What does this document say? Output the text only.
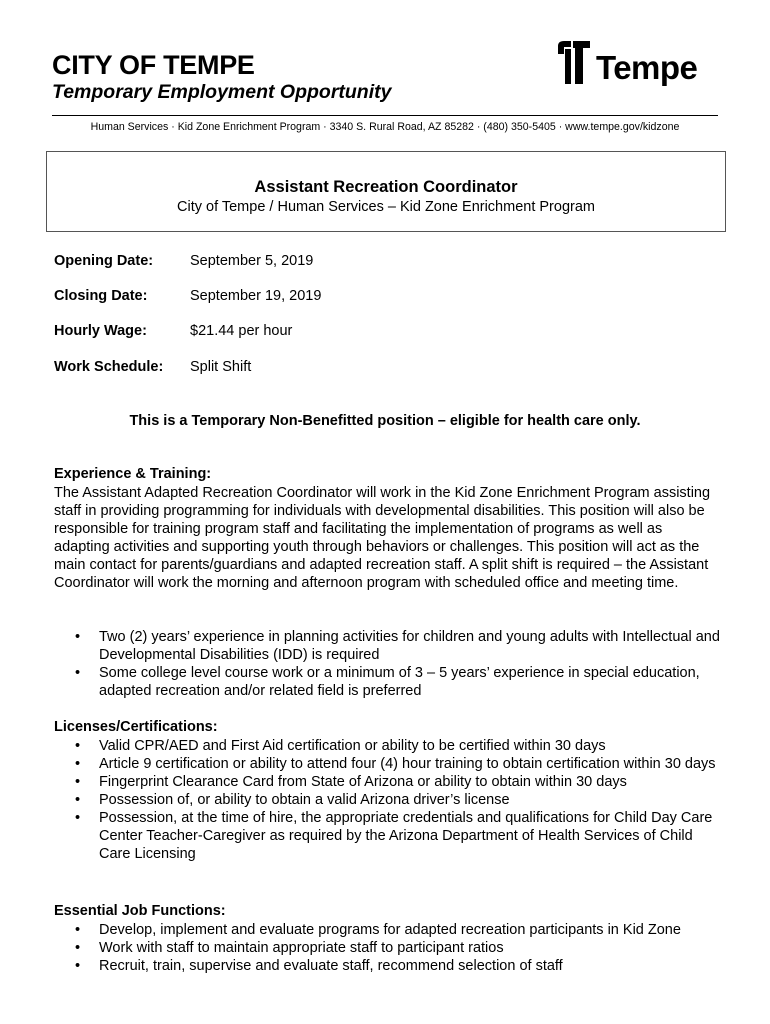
CITY OF TEMPE
Temporary Employment Opportunity
Tempe
Human Services · Kid Zone Enrichment Program · 3340 S. Rural Road, AZ 85282 · (480) 350-5405 · www.tempe.gov/kidzone
Assistant Recreation Coordinator
City of Tempe / Human Services – Kid Zone Enrichment Program
Opening Date:	September 5, 2019
Closing Date:	September 19, 2019
Hourly Wage:	$21.44 per hour
Work Schedule: Split Shift
This is a Temporary Non-Benefitted position – eligible for health care only.
Experience & Training:
The Assistant Adapted Recreation Coordinator will work in the Kid Zone Enrichment Program assisting staff in providing programming for individuals with developmental disabilities. This position will also be responsible for training program staff and facilitating the implementation of programs as well as adapting activities and supporting youth through behaviors or challenges. This position will act as the main contact for parents/guardians and adapted recreation staff. A split shift is required – the Assistant Coordinator will work the morning and afternoon program with scheduled office and meeting time.
• Two (2) years’ experience in planning activities for children and young adults with Intellectual and Developmental Disabilities (IDD) is required
• Some college level course work or a minimum of 3 – 5 years’ experience in special education, adapted recreation and/or related field is preferred
Licenses/Certifications:
• Valid CPR/AED and First Aid certification or ability to be certified within 30 days
• Article 9 certification or ability to attend four (4) hour training to obtain certification within 30 days
• Fingerprint Clearance Card from State of Arizona or ability to obtain within 30 days
• Possession of, or ability to obtain a valid Arizona driver’s license
• Possession, at the time of hire, the appropriate credentials and qualifications for Child Day Care Center Teacher-Caregiver as required by the Arizona Department of Health Services of Child Care Licensing
Essential Job Functions:
• Develop, implement and evaluate programs for adapted recreation participants in Kid Zone
• Work with staff to maintain appropriate staff to participant ratios
• Recruit, train, supervise and evaluate staff, recommend selection of staff
